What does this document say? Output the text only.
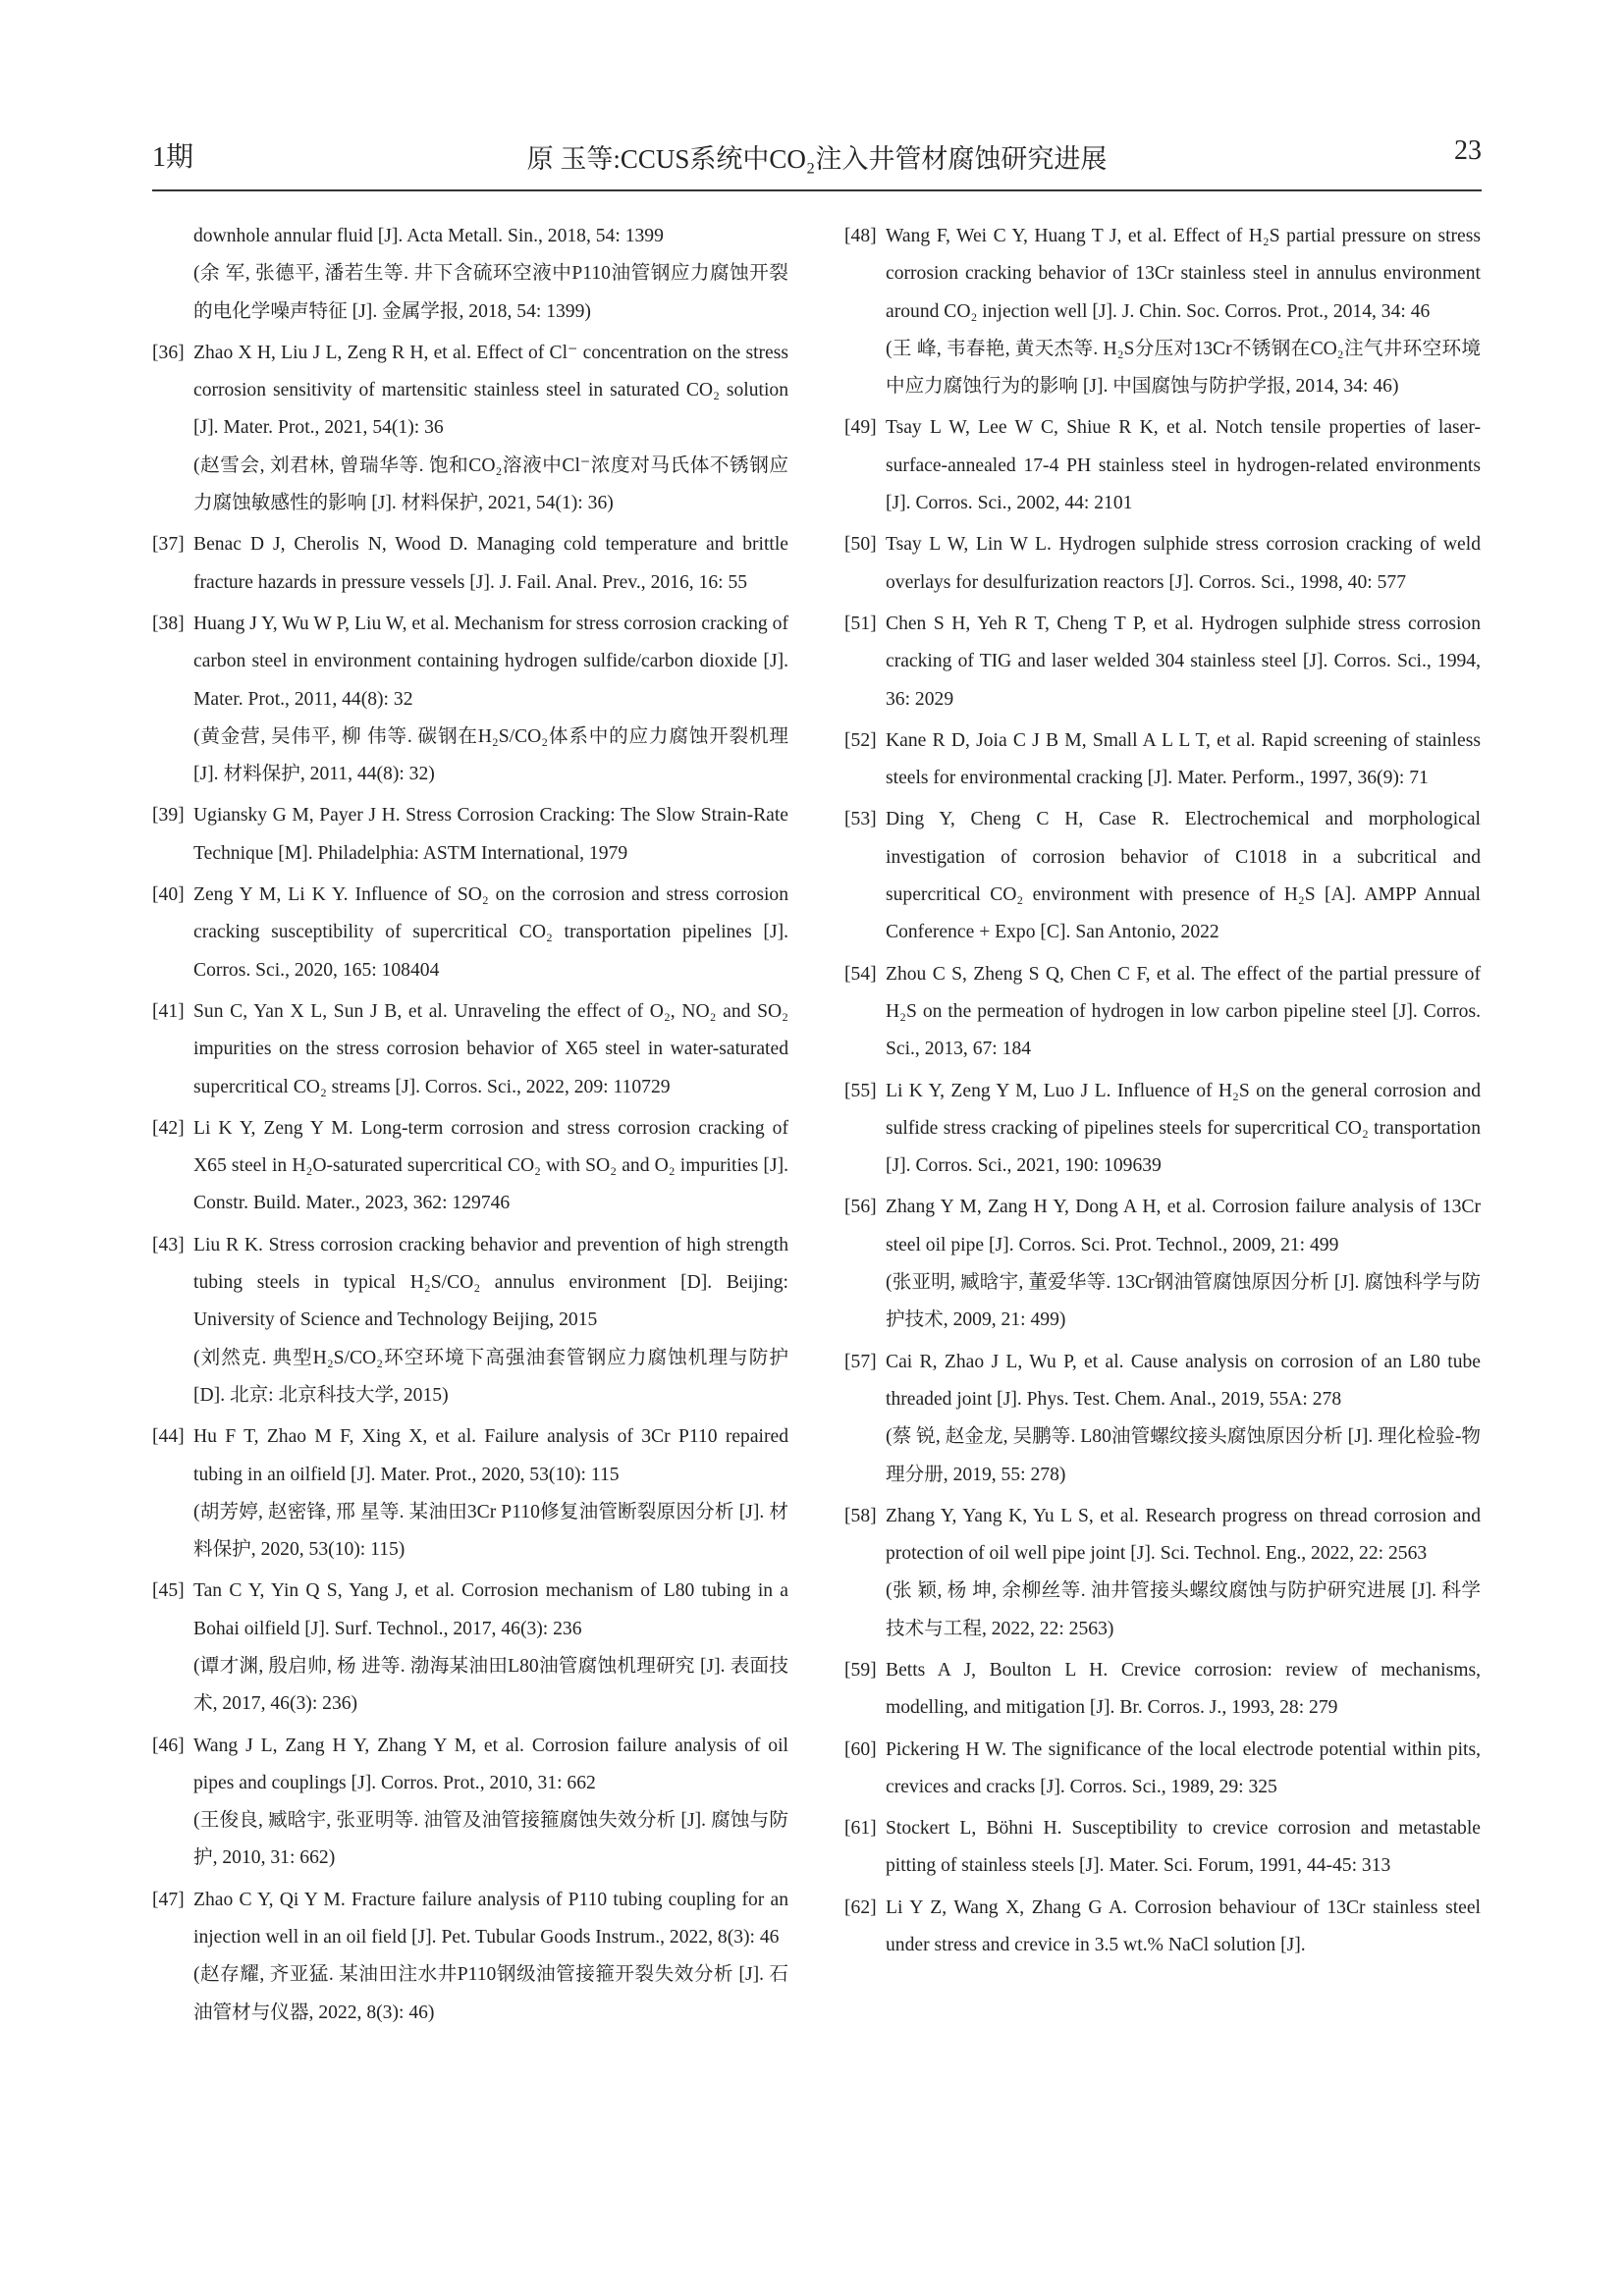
1期	原 玉等:CCUS系统中CO₂注入井管材腐蚀研究进展	23
downhole annular fluid [J]. Acta Metall. Sin., 2018, 54: 1399
(余 军, 张德平, 潘若生等. 井下含硫环空液中P110油管钢应力腐蚀开裂的电化学噪声特征 [J]. 金属学报, 2018, 54: 1399)
[36] Zhao X H, Liu J L, Zeng R H, et al. Effect of Cl⁻ concentration on the stress corrosion sensitivity of martensitic stainless steel in saturated CO₂ solution [J]. Mater. Prot., 2021, 54(1): 36
(赵雪会, 刘君林, 曾瑞华等. 饱和CO₂溶液中Cl⁻浓度对马氏体不锈钢应力腐蚀敏感性的影响 [J]. 材料保护, 2021, 54(1): 36)
[37] Benac D J, Cherolis N, Wood D. Managing cold temperature and brittle fracture hazards in pressure vessels [J]. J. Fail. Anal. Prev., 2016, 16: 55
[38] Huang J Y, Wu W P, Liu W, et al. Mechanism for stress corrosion cracking of carbon steel in environment containing hydrogen sulfide/carbon dioxide [J]. Mater. Prot., 2011, 44(8): 32
(黄金营, 吴伟平, 柳 伟等. 碳钢在H₂S/CO₂体系中的应力腐蚀开裂机理 [J]. 材料保护, 2011, 44(8): 32)
[39] Ugiansky G M, Payer J H. Stress Corrosion Cracking: The Slow Strain-Rate Technique [M]. Philadelphia: ASTM International, 1979
[40] Zeng Y M, Li K Y. Influence of SO₂ on the corrosion and stress corrosion cracking susceptibility of supercritical CO₂ transportation pipelines [J]. Corros. Sci., 2020, 165: 108404
[41] Sun C, Yan X L, Sun J B, et al. Unraveling the effect of O₂, NO₂ and SO₂ impurities on the stress corrosion behavior of X65 steel in water-saturated supercritical CO₂ streams [J]. Corros. Sci., 2022, 209: 110729
[42] Li K Y, Zeng Y M. Long-term corrosion and stress corrosion cracking of X65 steel in H₂O-saturated supercritical CO₂ with SO₂ and O₂ impurities [J]. Constr. Build. Mater., 2023, 362: 129746
[43] Liu R K. Stress corrosion cracking behavior and prevention of high strength tubing steels in typical H₂S/CO₂ annulus environment [D]. Beijing: University of Science and Technology Beijing, 2015
(刘然克. 典型H₂S/CO₂环空环境下高强油套管钢应力腐蚀机理与防护 [D]. 北京: 北京科技大学, 2015)
[44] Hu F T, Zhao M F, Xing X, et al. Failure analysis of 3Cr P110 repaired tubing in an oilfield [J]. Mater. Prot., 2020, 53(10): 115
(胡芳婷, 赵密锋, 邢 星等. 某油田3Cr P110修复油管断裂原因分析 [J]. 材料保护, 2020, 53(10): 115)
[45] Tan C Y, Yin Q S, Yang J, et al. Corrosion mechanism of L80 tubing in a Bohai oilfield [J]. Surf. Technol., 2017, 46(3): 236
(谭才渊, 殷启帅, 杨 进等. 渤海某油田L80油管腐蚀机理研究 [J]. 表面技术, 2017, 46(3): 236)
[46] Wang J L, Zang H Y, Zhang Y M, et al. Corrosion failure analysis of oil pipes and couplings [J]. Corros. Prot., 2010, 31: 662
(王俊良, 臧晗宇, 张亚明等. 油管及油管接箍腐蚀失效分析 [J]. 腐蚀与防护, 2010, 31: 662)
[47] Zhao C Y, Qi Y M. Fracture failure analysis of P110 tubing coupling for an injection well in an oil field [J]. Pet. Tubular Goods Instrum., 2022, 8(3): 46
(赵存耀, 齐亚猛. 某油田注水井P110钢级油管接箍开裂失效分析 [J]. 石油管材与仪器, 2022, 8(3): 46)
[48] Wang F, Wei C Y, Huang T J, et al. Effect of H₂S partial pressure on stress corrosion cracking behavior of 13Cr stainless steel in annulus environment around CO₂ injection well [J]. J. Chin. Soc. Corros. Prot., 2014, 34: 46
(王 峰, 韦春艳, 黄天杰等. H₂S分压对13Cr不锈钢在CO₂注气井环空环境中应力腐蚀行为的影响 [J]. 中国腐蚀与防护学报, 2014, 34: 46)
[49] Tsay L W, Lee W C, Shiue R K, et al. Notch tensile properties of laser-surface-annealed 17-4 PH stainless steel in hydrogen-related environments [J]. Corros. Sci., 2002, 44: 2101
[50] Tsay L W, Lin W L. Hydrogen sulphide stress corrosion cracking of weld overlays for desulfurization reactors [J]. Corros. Sci., 1998, 40: 577
[51] Chen S H, Yeh R T, Cheng T P, et al. Hydrogen sulphide stress corrosion cracking of TIG and laser welded 304 stainless steel [J]. Corros. Sci., 1994, 36: 2029
[52] Kane R D, Joia C J B M, Small A L L T, et al. Rapid screening of stainless steels for environmental cracking [J]. Mater. Perform., 1997, 36(9): 71
[53] Ding Y, Cheng C H, Case R. Electrochemical and morphological investigation of corrosion behavior of C1018 in a subcritical and supercritical CO₂ environment with presence of H₂S [A]. AMPP Annual Conference + Expo [C]. San Antonio, 2022
[54] Zhou C S, Zheng S Q, Chen C F, et al. The effect of the partial pressure of H₂S on the permeation of hydrogen in low carbon pipeline steel [J]. Corros. Sci., 2013, 67: 184
[55] Li K Y, Zeng Y M, Luo J L. Influence of H₂S on the general corrosion and sulfide stress cracking of pipelines steels for supercritical CO₂ transportation [J]. Corros. Sci., 2021, 190: 109639
[56] Zhang Y M, Zang H Y, Dong A H, et al. Corrosion failure analysis of 13Cr steel oil pipe [J]. Corros. Sci. Prot. Technol., 2009, 21: 499
(张亚明, 臧晗宇, 董爱华等. 13Cr钢油管腐蚀原因分析 [J]. 腐蚀科学与防护技术, 2009, 21: 499)
[57] Cai R, Zhao J L, Wu P, et al. Cause analysis on corrosion of an L80 tube threaded joint [J]. Phys. Test. Chem. Anal., 2019, 55A: 278
(蔡 锐, 赵金龙, 吴鹏等. L80油管螺纹接头腐蚀原因分析 [J]. 理化检验-物理分册, 2019, 55: 278)
[58] Zhang Y, Yang K, Yu L S, et al. Research progress on thread corrosion and protection of oil well pipe joint [J]. Sci. Technol. Eng., 2022, 22: 2563
(张 颖, 杨 坤, 余柳丝等. 油井管接头螺纹腐蚀与防护研究进展 [J]. 科学技术与工程, 2022, 22: 2563)
[59] Betts A J, Boulton L H. Crevice corrosion: review of mechanisms, modelling, and mitigation [J]. Br. Corros. J., 1993, 28: 279
[60] Pickering H W. The significance of the local electrode potential within pits, crevices and cracks [J]. Corros. Sci., 1989, 29: 325
[61] Stockert L, Böhni H. Susceptibility to crevice corrosion and metastable pitting of stainless steels [J]. Mater. Sci. Forum, 1991, 44-45: 313
[62] Li Y Z, Wang X, Zhang G A. Corrosion behaviour of 13Cr stainless steel under stress and crevice in 3.5 wt.% NaCl solution [J].
